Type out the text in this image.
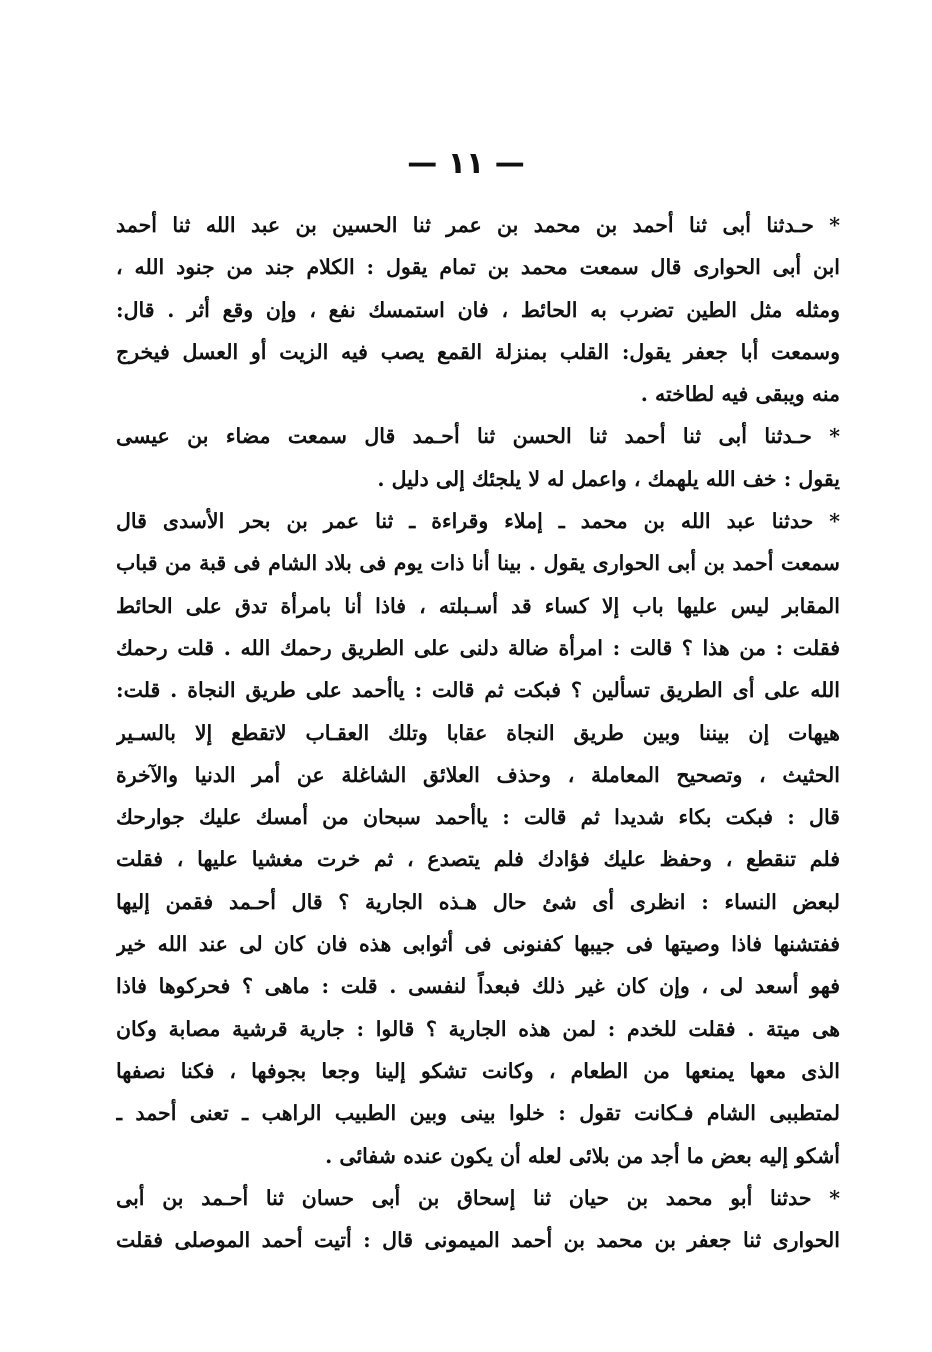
— ١١ —
* حـدثنا أبى ثنا أحمد بن محمد بن عمر ثنا الحسين بن عبد الله ثنا أحمد
ابن أبى الحوارى قال سمعت محمد بن تمام يقول : الكلام جند من جنود الله ،
ومثله مثل الطين تضرب به الحائط ، فان استمسك نفع ، وإن وقع أثر . قال:
وسمعت أبا جعفر يقول: القلب بمنزلة القمع يصب فيه الزيت أو العسل فيخرج
منه ويبقى فيه لطاخته .
* حـدثنا أبى ثنا أحمد ثنا الحسن ثنا أحـمد قال سمعت مضاء بن عيسى
يقول : خف الله يلهمك ، واعمل له لا يلجئك إلى دليل .
* حدثنا عبد الله بن محمد ـ إملاء وقراءة ـ ثنا عمر بن بحر الأسدى قال
سمعت أحمد بن أبى الحوارى يقول . بينا أنا ذات يوم فى بلاد الشام فى قبة من قباب
المقابر ليس عليها باب إلا كساء قد أسـبلته ، فاذا أنا بامرأة تدق على الحائط
فقلت : من هذا ؟ قالت : امرأة ضالة دلنى على الطريق رحمك الله . قلت رحمك
الله على أى الطريق تسألين ؟ فبكت ثم قالت : ياأحمد على طريق النجاة . قلت:
هيهات إن بيننا وبين طريق النجاة عقابا وتلك العقـاب لاتقطع إلا بالسـير
الحثيث ، وتصحيح المعاملة ، وحذف العلائق الشاغلة عن أمر الدنيا والآخرة
قال : فبكت بكاء شديدا ثم قالت : ياأحمد سبحان من أمسك عليك جوارحك
فلم تنقطع ، وحفظ عليك فؤادك فلم يتصدع ، ثم خرت مغشيا عليها ، فقلت
لبعض النساء : انظرى أى شئ حال هـذه الجارية ؟ قال أحـمد فقمن إليها
ففتشنها فاذا وصيتها فى جيبها كفنونى فى أثوابى هذه فان كان لى عند الله خير
فهو أسعد لى ، وإن كان غير ذلك فبعداً لنفسى . قلت : ماهى ؟ فحركوها فاذا
هى ميتة . فقلت للخدم : لمن هذه الجارية ؟ قالوا : جارية قرشية مصابة وكان
الذى معها يمنعها من الطعام ، وكانت تشكو إلينا وجعا بجوفها ، فكنا نصفها
لمتطببى الشام فـكانت تقول : خلوا بينى وبين الطبيب الراهب ـ تعنى أحمد ـ
أشكو إليه بعض ما أجد من بلائى لعله أن يكون عنده شفائى .
* حدثنا أبو محمد بن حيان ثنا إسحاق بن أبى حسان ثنا أحـمد بن أبى
الحوارى ثنا جعفر بن محمد بن أحمد الميمونى قال : أتيت أحمد الموصلى فقلت
